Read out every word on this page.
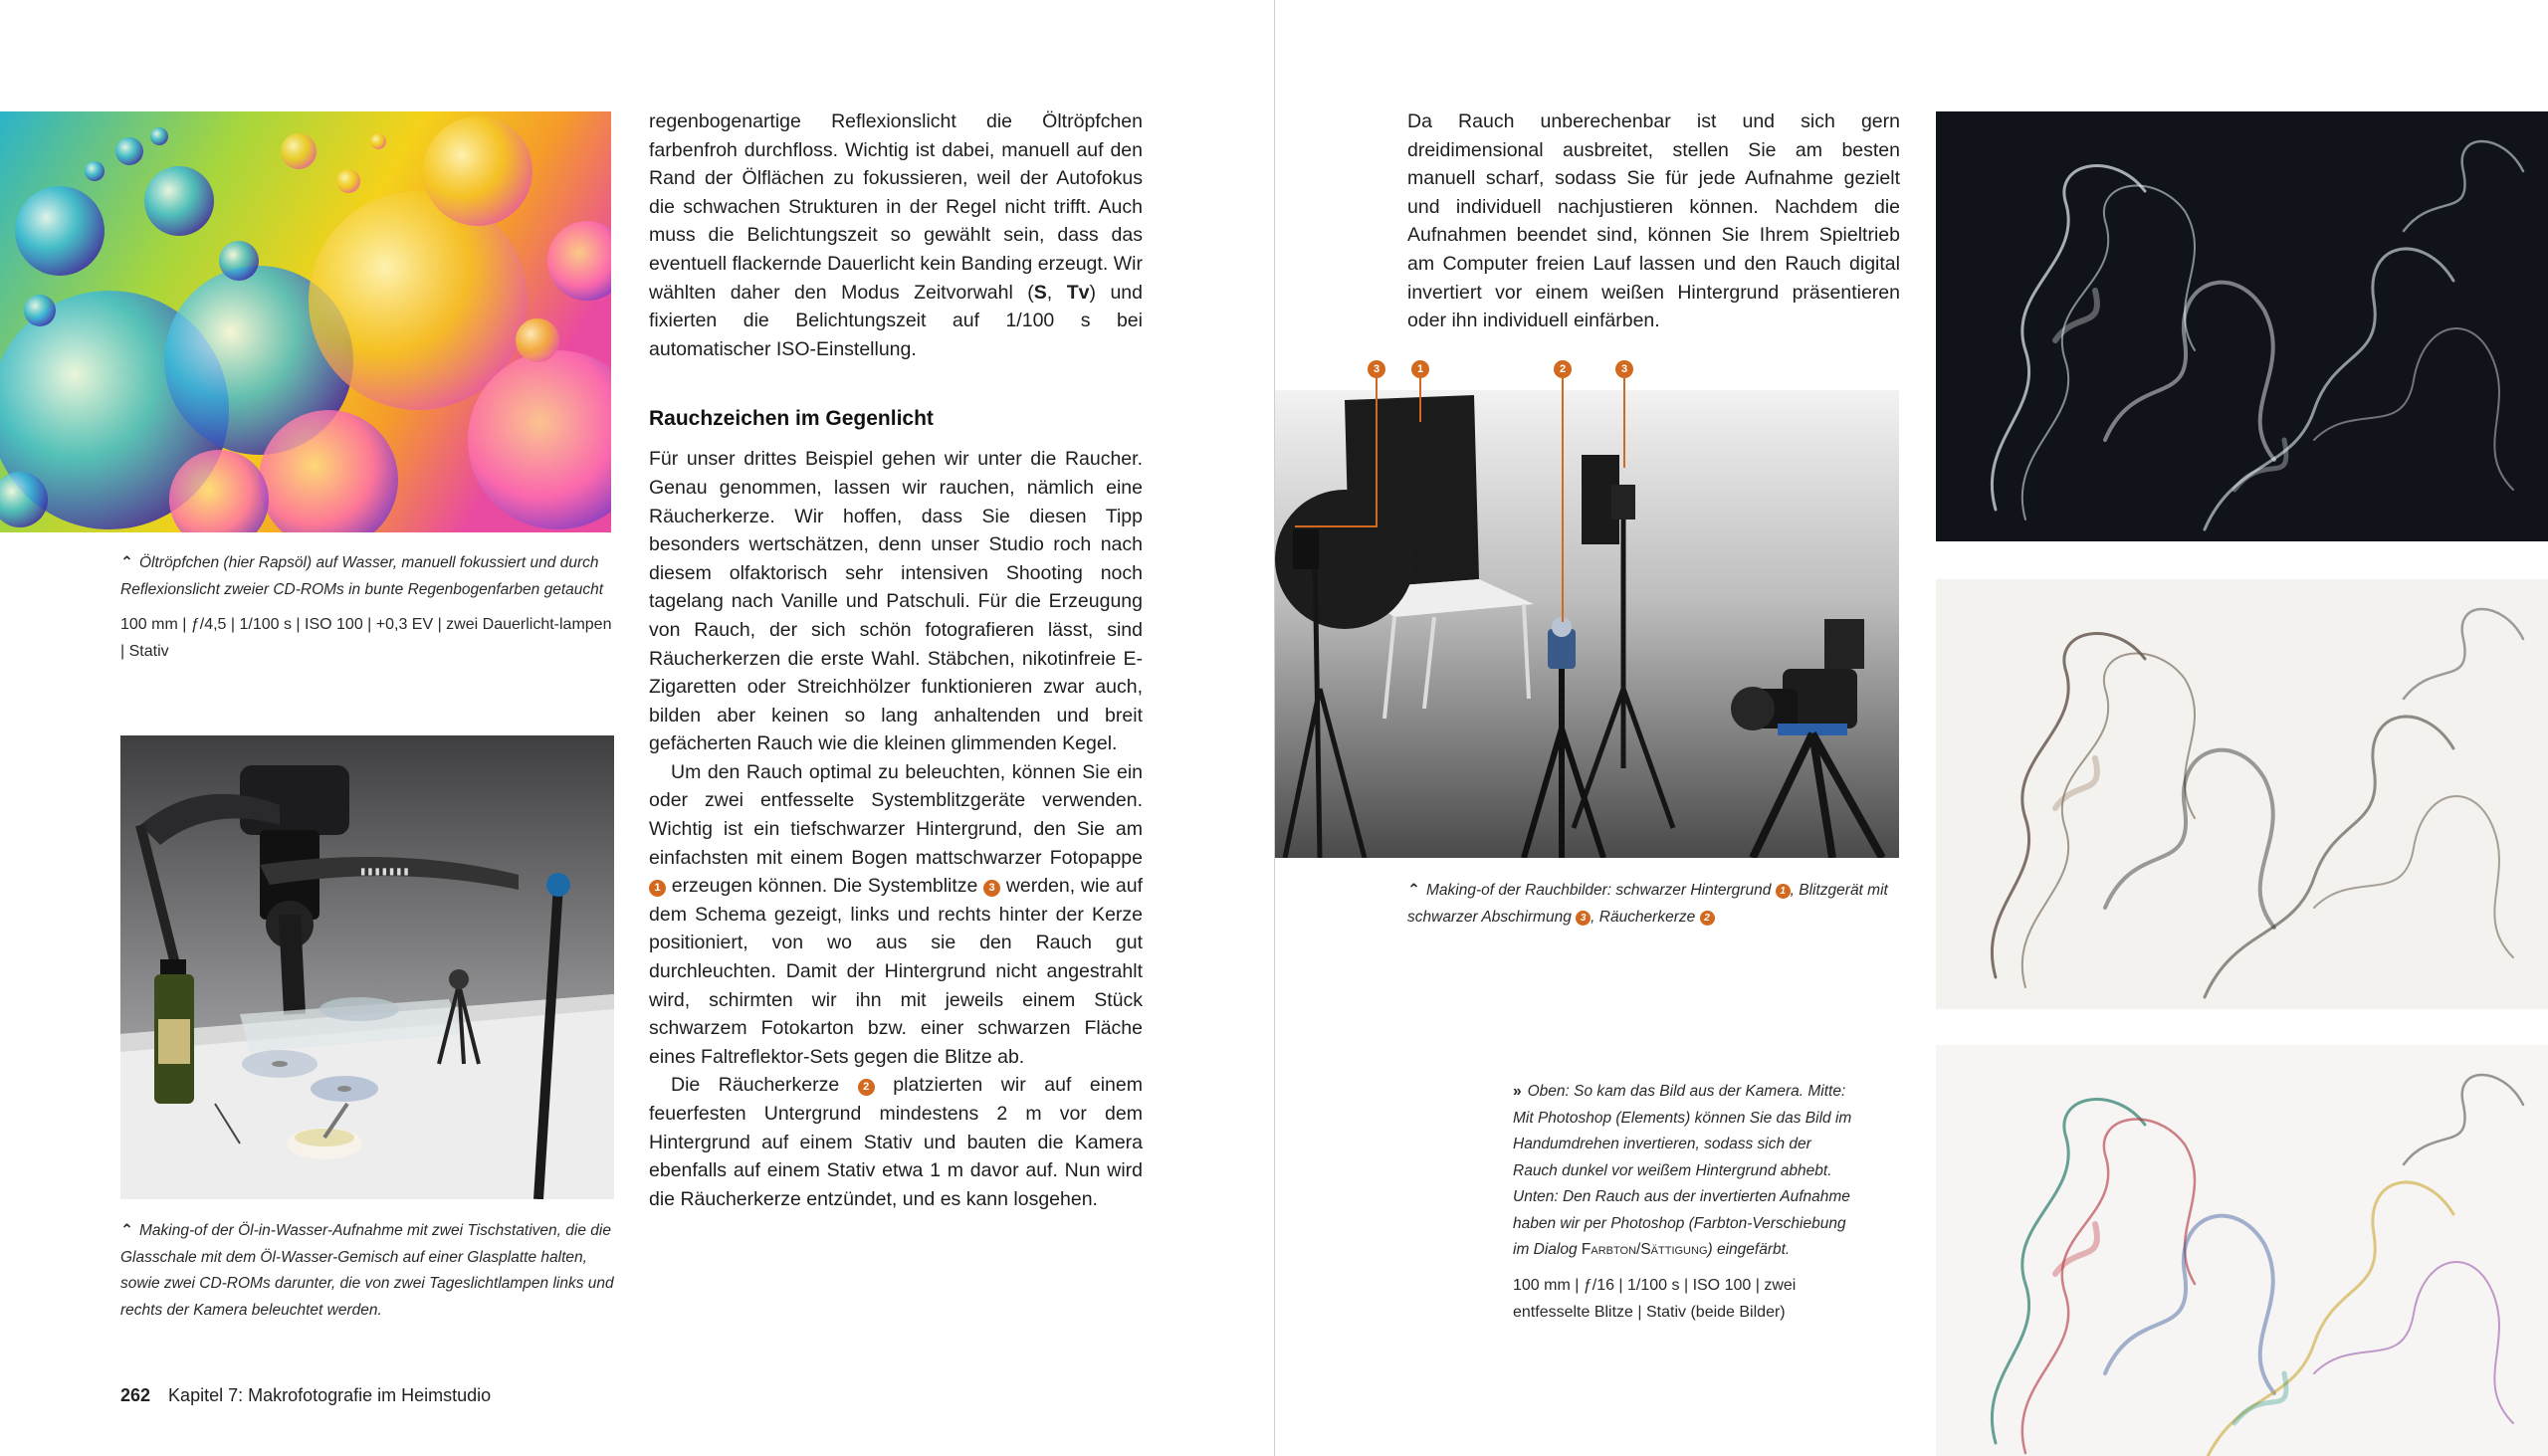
⌃ Öltröpfchen (hier Rapsöl) auf Wasser, manuell fokussiert und durch Reflexionslicht zweier CD-ROMs in bunte Regenbogenfarben getaucht
100 mm | ƒ/4,5 | 1/100 s | ISO 100 | +0,3 EV | zwei Dauerlicht-lampen | Stativ
▮▮▮▮▮▮▮
⌃ Making-of der Öl-in-Wasser-Aufnahme mit zwei Tischstativen, die die Glasschale mit dem Öl-Wasser-Gemisch auf einer Glasplatte halten, sowie zwei CD-ROMs darunter, die von zwei Tageslichtlampen links und rechts der Kamera beleuchtet werden.

regenbogenartige Reflexionslicht die Öltröpfchen farbenfroh durchfloss. Wichtig ist dabei, manuell auf den Rand der Ölflächen zu fokussieren, weil der Autofokus die schwachen Strukturen in der Regel nicht trifft. Auch muss die Belichtungszeit so gewählt sein, dass das eventuell flackernde Dauerlicht kein Banding erzeugt. Wir wählten daher den Modus Zeitvorwahl (S, Tv) und fixierten die Belichtungszeit auf 1/100 s bei automatischer ISO-Einstellung.

Rauchzeichen im Gegenlicht

Für unser drittes Beispiel gehen wir unter die Raucher. Genau genommen, lassen wir rauchen, nämlich eine Räucherkerze. Wir hoffen, dass Sie diesen Tipp besonders wertschätzen, denn unser Studio roch nach diesem olfaktorisch sehr intensiven Shooting noch tagelang nach Vanille und Patschuli. Für die Erzeugung von Rauch, der sich schön fotografieren lässt, sind Räucherkerzen die erste Wahl. Stäbchen, nikotinfreie E-Zigaretten oder Streichhölzer funktionieren zwar auch, bilden aber keinen so lang anhaltenden und breit gefächerten Rauch wie die kleinen glimmenden Kegel.

Um den Rauch optimal zu beleuchten, können Sie ein oder zwei entfesselte Systemblitzgeräte verwenden. Wichtig ist ein tiefschwarzer Hintergrund, den Sie am einfachsten mit einem Bogen mattschwarzer Fotopappe 1 erzeugen können. Die Systemblitze 3 werden, wie auf dem Schema gezeigt, links und rechts hinter der Kerze positioniert, von wo aus sie den Rauch gut durchleuchten. Damit der Hintergrund nicht angestrahlt wird, schirmten wir ihn mit jeweils einem Stück schwarzem Fotokarton bzw. einer schwarzen Fläche eines Faltreflektor-Sets gegen die Blitze ab.

Die Räucherkerze 2 platzierten wir auf einem feuerfesten Untergrund mindestens 2 m vor dem Hintergrund auf einem Stativ und bauten die Kamera ebenfalls auf einem Stativ etwa 1 m davor auf. Nun wird die Räucherkerze entzündet, und es kann losgehen.

262 Kapitel 7: Makrofotografie im Heimstudio

Da Rauch unberechenbar ist und sich gern dreidimensional ausbreitet, stellen Sie am besten manuell scharf, sodass Sie für jede Aufnahme gezielt und individuell nachjustieren können. Nachdem die Aufnahmen beendet sind, können Sie Ihrem Spieltrieb am Computer freien Lauf lassen und den Rauch digital invertiert vor einem weißen Hintergrund präsentieren oder ihn individuell einfärben.

3	1	2	3
⌃ Making-of der Rauchbilder: schwarzer Hintergrund 1 , Blitzgerät mit schwarzer Abschirmung 3 , Räucherkerze 2
» Oben: So kam das Bild aus der Kamera. Mitte: Mit Photoshop (Elements) können Sie das Bild im Handumdrehen invertieren, sodass sich der Rauch dunkel vor weißem Hintergrund abhebt. Unten: Den Rauch aus der invertierten Aufnahme haben wir per Photoshop (Farbton-Verschiebung im Dialog Farbton/Sättigung) eingefärbt.
100 mm | ƒ/16 | 1/100 s | ISO 100 | zwei entfesselte Blitze | Stativ (beide Bilder)
